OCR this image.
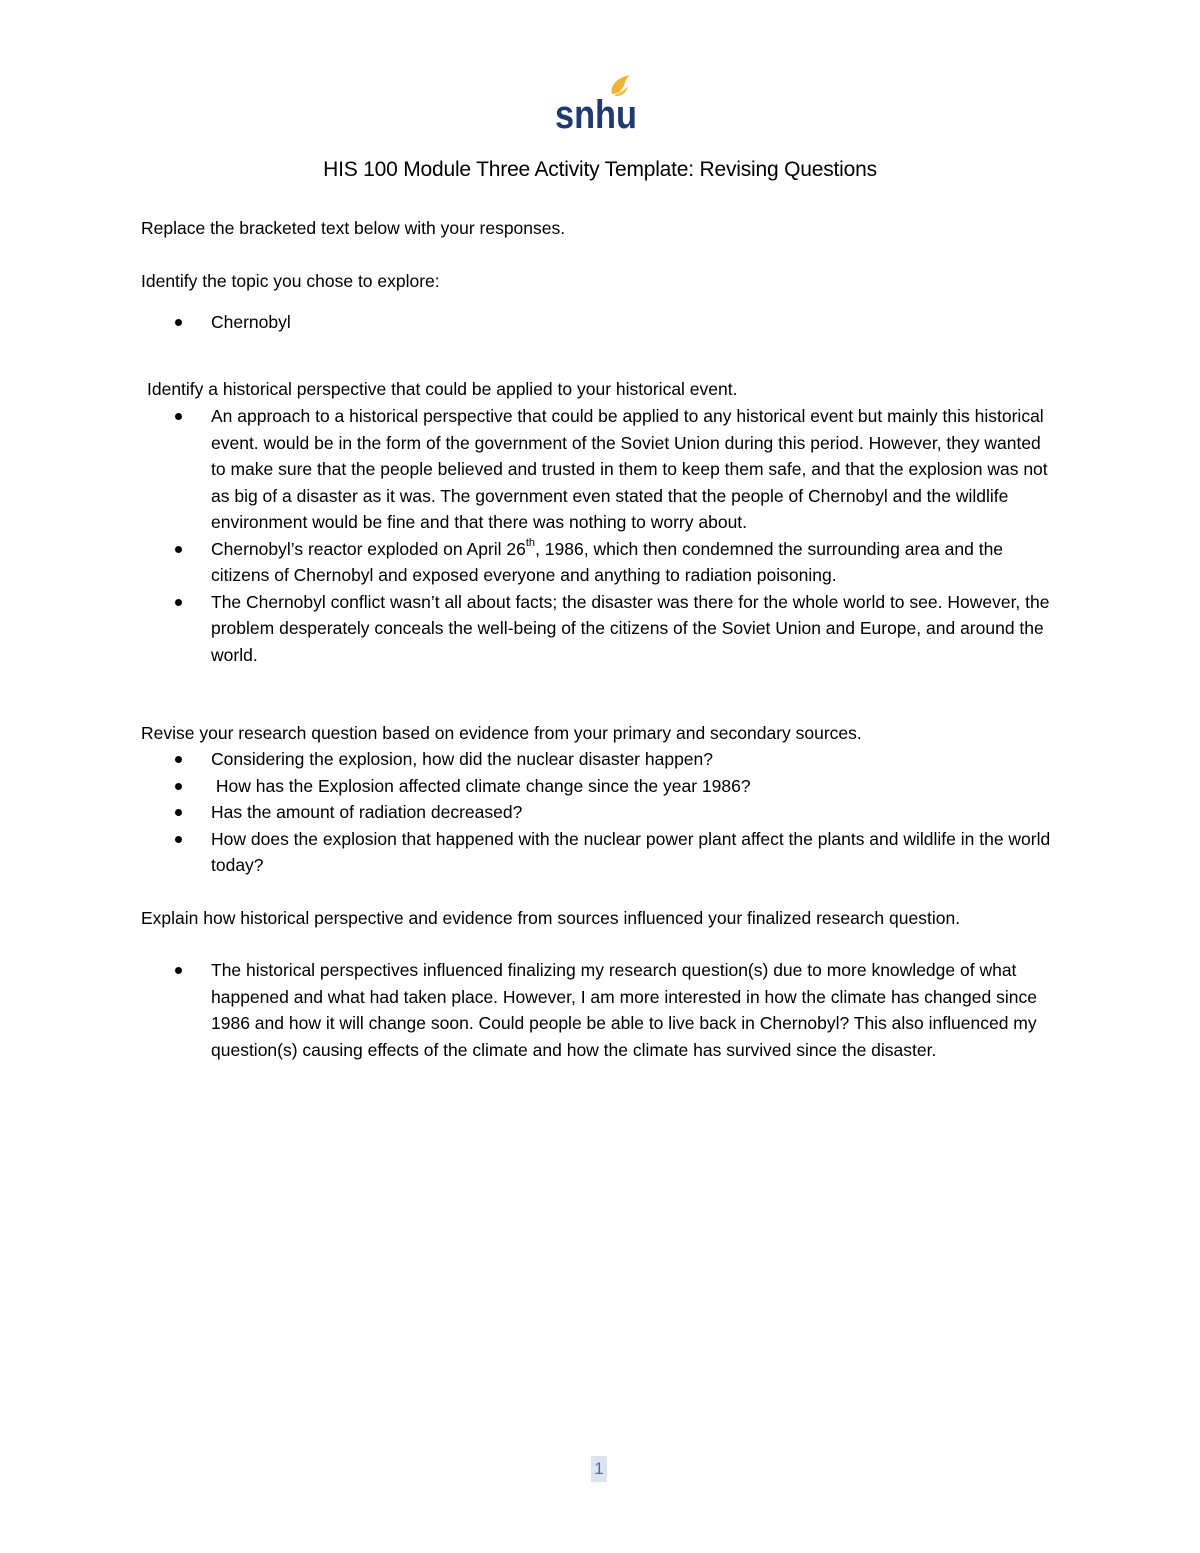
snhu
HIS 100 Module Three Activity Template: Revising Questions

Replace the bracketed text below with your responses.

Identify the topic you chose to explore:

Chernobyl

Identify a historical perspective that could be applied to your historical event.

An approach to a historical perspective that could be applied to any historical event but mainly this historical event. would be in the form of the government of the Soviet Union during this period. However, they wanted to make sure that the people believed and trusted in them to keep them safe, and that the explosion was not as big of a disaster as it was. The government even stated that the people of Chernobyl and the wildlife environment would be fine and that there was nothing to worry about.
Chernobyl’s reactor exploded on April 26th, 1986, which then condemned the surrounding area and the citizens of Chernobyl and exposed everyone and anything to radiation poisoning.
The Chernobyl conflict wasn’t all about facts; the disaster was there for the whole world to see. However, the problem desperately conceals the well-being of the citizens of the Soviet Union and Europe, and around the world.

Revise your research question based on evidence from your primary and secondary sources.

Considering the explosion, how did the nuclear disaster happen?
How has the Explosion affected climate change since the year 1986?
Has the amount of radiation decreased?
How does the explosion that happened with the nuclear power plant affect the plants and wildlife in the world today?

Explain how historical perspective and evidence from sources influenced your finalized research question.

The historical perspectives influenced finalizing my research question(s) due to more knowledge of what happened and what had taken place. However, I am more interested in how the climate has changed since 1986 and how it will change soon. Could people be able to live back in Chernobyl? This also influenced my question(s) causing effects of the climate and how the climate has survived since the disaster.
1
